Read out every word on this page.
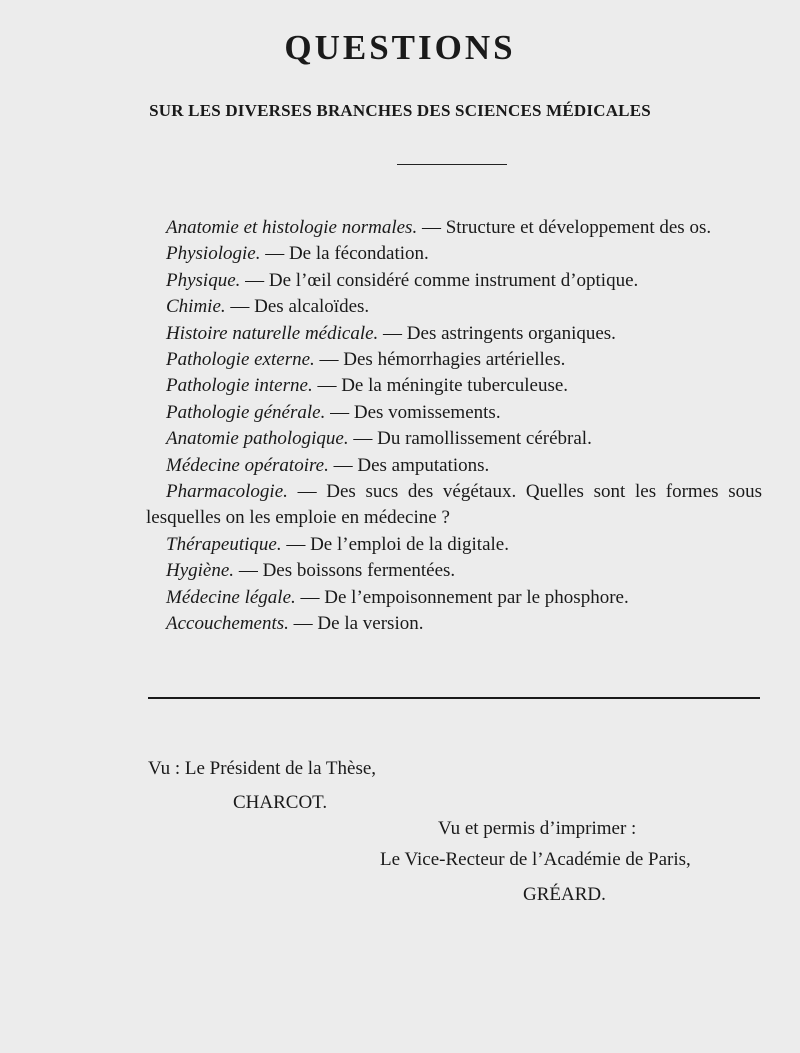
QUESTIONS
SUR LES DIVERSES BRANCHES DES SCIENCES MÉDICALES
Anatomie et histologie normales. — Structure et développement des os.
Physiologie. — De la fécondation.
Physique. — De l’œil considéré comme instrument d’optique.
Chimie. — Des alcaloïdes.
Histoire naturelle médicale. — Des astringents organiques.
Pathologie externe. — Des hémorrhagies artérielles.
Pathologie interne. — De la méningite tuberculeuse.
Pathologie générale. — Des vomissements.
Anatomie pathologique. — Du ramollissement cérébral.
Médecine opératoire. — Des amputations.
Pharmacologie. — Des sucs des végétaux. Quelles sont les formes sous lesquelles on les emploie en médecine ?
Thérapeutique. — De l’emploi de la digitale.
Hygiène. — Des boissons fermentées.
Médecine légale. — De l’empoisonnement par le phosphore.
Accouchements. — De la version.

Vu : Le Président de la Thèse,

CHARCOT.

Vu et permis d’imprimer :

Le Vice-Recteur de l’Académie de Paris,

GRÉARD.
